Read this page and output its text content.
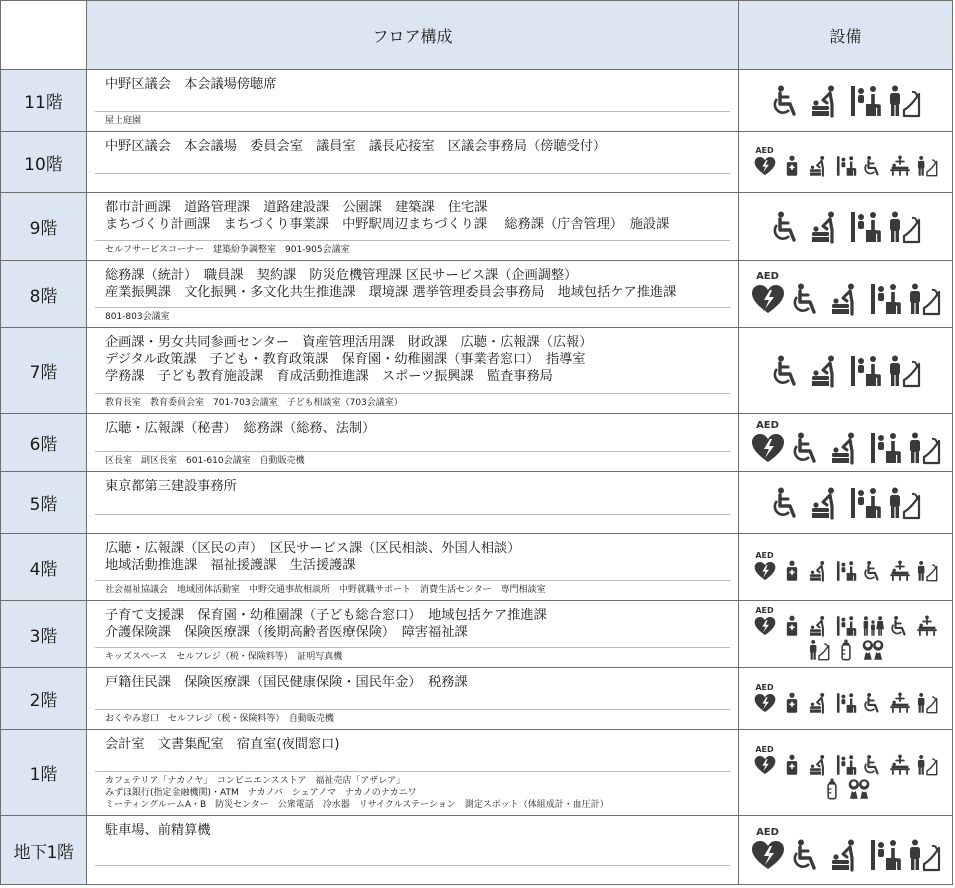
	フロア構成	設備
11階	中野区議会　本会議場傍聴席
屋上庭園

10階	中野区議会　本会議場　委員会室　議員室　議長応接室　区議会事務局（傍聴受付）	AED

9階	都市計画課　道路管理課　道路建設課　公園課　建築課　住宅課
まちづくり計画課　まちづくり事業課　中野駅周辺まちづくり課　 総務課（庁舎管理）　施設課
セルフサービスコーナー　建築紛争調整室　901-905会議室

8階	総務課（統計）　職員課　契約課　防災危機管理課 区民サービス課（企画調整）
産業振興課　文化振興・多文化共生推進課　環境課 選挙管理委員会事務局　地域包括ケア推進課
801-803会議室	AED

7階	企画課・男女共同参画センター　資産管理活用課　財政課　広聴・広報課（広報）
デジタル政策課　子ども・教育政策課　保育園・幼稚園課（事業者窓口）　指導室
学務課　子ども教育施設課　育成活動推進課　スポーツ振興課　監査事務局
教育長室　教育委員会室　701-703会議室　子ども相談室（703会議室）

6階	広聴・広報課（秘書）　総務課（総務、法制）
区長室　副区長室　601-610会議室　自動販売機	AED

5階	東京都第三建設事務所

4階	広聴・広報課（区民の声）　区民サービス課（区民相談、外国人相談）
地域活動推進課　福祉援護課　生活援護課
社会福祉協議会　地域団体活動室　中野交通事故相談所　中野就職サポート　消費生活センター　専門相談室	AED

3階	子育て支援課　保育園・幼稚園課（子ども総合窓口）　地域包括ケア推進課
介護保険課　保険医療課（後期高齢者医療保険）　障害福祉課
キッズスペース　セルフレジ（税・保険料等）　証明写真機	AED

2階	戸籍住民課　保険医療課（国民健康保険・国民年金）　税務課
おくやみ窓口　セルフレジ（税・保険料等）　自動販売機	AED

1階	会計室　文書集配室　宿直室(夜間窓口)
カフェテリア「ナカノヤ」　コンビニエンスストア　福祉売店「アザレア」
みずほ銀行(指定金融機関)・ATM　ナカノバ　シェアノマ　ナカノのナカニワ
ミーティングルームA・B　防災センター　公衆電話　冷水器　リサイクルステーション　測定スポット（体組成計・血圧計）	AED

地下1階	駐車場、前精算機	AED
